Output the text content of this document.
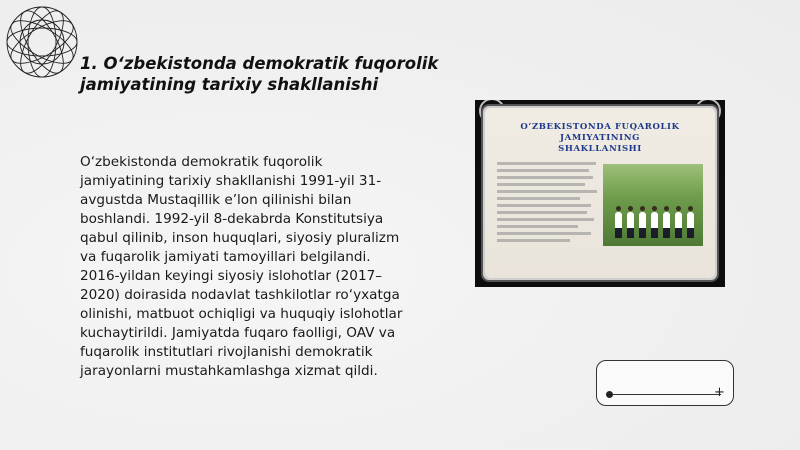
1. O‘zbekistonda demokratik fuqorolik
jamiyatining tarixiy shakllanishi

O‘zbekistonda demokratik fuqorolik jamiyatining tarixiy shakllanishi 1991-yil 31-avgustda Mustaqillik e’lon qilinishi bilan boshlandi. 1992-yil 8-dekabrda Konstitutsiya qabul qilinib, inson huquqlari, siyosiy pluralizm va fuqarolik jamiyati tamoyillari belgilandi. 2016-yildan keyingi siyosiy islohotlar (2017–2020) doirasida nodavlat tashkilotlar ro‘yxatga olinishi, matbuot ochiqligi va huquqiy islohotlar kuchaytirildi. Jamiyatda fuqaro faolligi, OAV va fuqarolik institutlari rivojlanishi demokratik jarayonlarni mustahkamlashga xizmat qildi.

O‘ZBEKISTONDA FUQAROLIK
JAMIYATINING
SHAKLLANISHI
+
